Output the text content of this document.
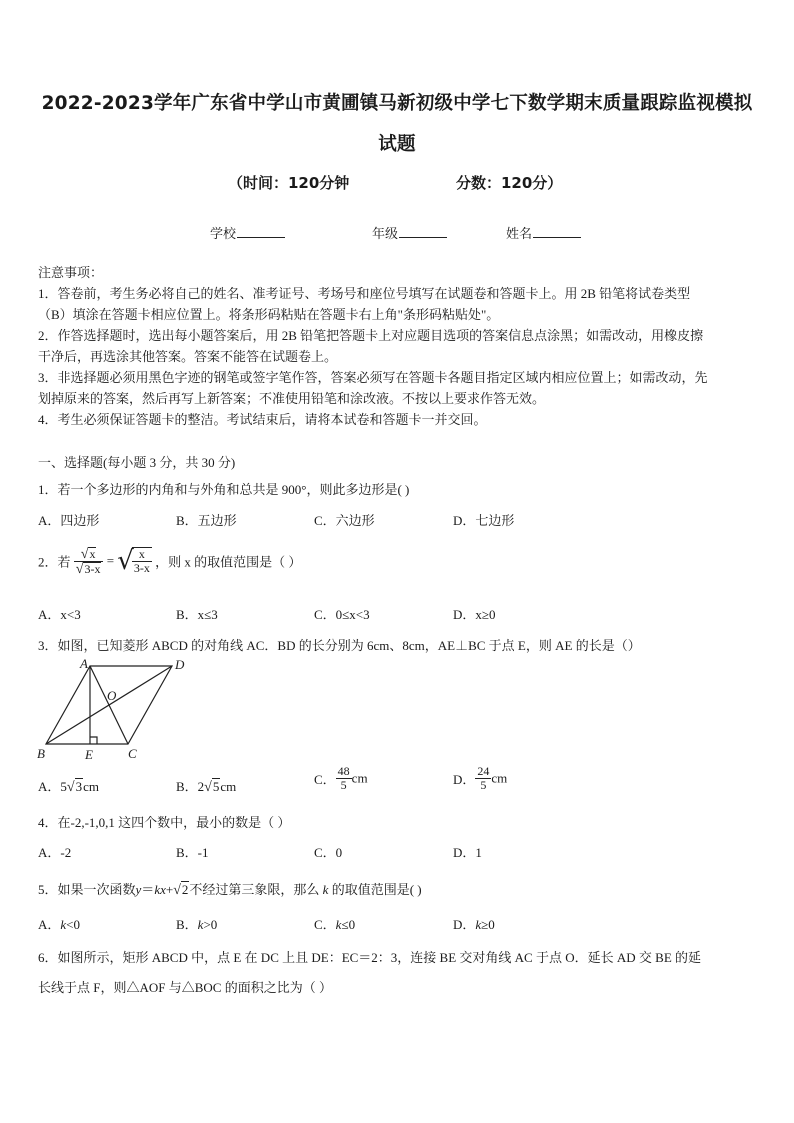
2022-2023学年广东省中学山市黄圃镇马新初级中学七下数学期末质量跟踪监视模拟
试题
（时间：120分钟	分数：120分）
学校	年级	姓名
注意事项：
1．答卷前，考生务必将自己的姓名、准考证号、考场号和座位号填写在试题卷和答题卡上。用 2B 铅笔将试卷类型
（B）填涂在答题卡相应位置上。将条形码粘贴在答题卡右上角"条形码粘贴处"。
2．作答选择题时，选出每小题答案后，用 2B 铅笔把答题卡上对应题目选项的答案信息点涂黑；如需改动，用橡皮擦
干净后，再选涂其他答案。答案不能答在试题卷上。
3．非选择题必须用黑色字迹的钢笔或签字笔作答，答案必须写在答题卡各题目指定区域内相应位置上；如需改动，先
划掉原来的答案，然后再写上新答案；不准使用铅笔和涂改液。不按以上要求作答无效。
4．考生必须保证答题卡的整洁。考试结束后，请将本试卷和答题卡一并交回。
一、选择题(每小题 3 分，共 30 分)
1．若一个多边形的内角和与外角和总共是 900°，则此多边形是( )
A．四边形	B．五边形	C．六边形	D．七边形
2．若 $\frac{√x}{√3-x}$ = √
$\frac{x}{3-x}$ ，则 x 的取值范围是（ ）
A．x<3	B．x≤3	C．0≤x<3	D．x≥0
3．如图，已知菱形 ABCD 的对角线 AC．BD 的长分别为 6cm、8cm，AE⊥BC 于点 E，则 AE 的长是（）
A	D
O
B	E	C
A．5√3cm	B．2√5cm	C． $\frac{48}{5}$ cm	D． $\frac{24}{5}$ cm
4．在-2,-1,0,1 这四个数中，最小的数是（ ）
A．-2	B．-1	C．0	D．1
5．如果一次函数y＝kx+√2不经过第三象限，那么 k 的取值范围是( )
A．k<0	B．k>0	C．k≤0	D．k≥0
6．如图所示，矩形 ABCD 中，点 E 在 DC 上且 DE：EC＝2：3，连接 BE 交对角线 AC 于点 O．延长 AD 交 BE 的延
长线于点 F，则△AOF 与△BOC 的面积之比为（ ）
